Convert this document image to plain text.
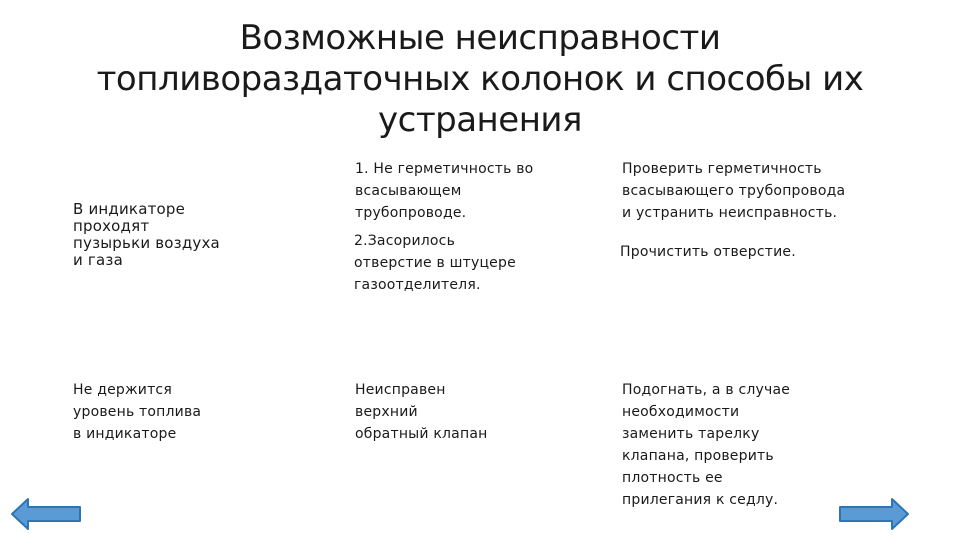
Возможные неисправности
топливораздаточных колонок и способы их
устранения
В индикаторе
проходят
пузырьки воздуха
и газа
1. Не герметичность во
всасывающем
трубопроводе.
2.Засорилось
отверстие в штуцере
газоотделителя.
Проверить герметичность
всасывающего трубопровода
и устранить неисправность.
Прочистить отверстие.
Не держится
уровень топлива
в индикаторе
Неисправен
верхний
обратный клапан
Подогнать, а в случае
необходимости
заменить тарелку
клапана, проверить
плотность ее
прилегания к седлу.
